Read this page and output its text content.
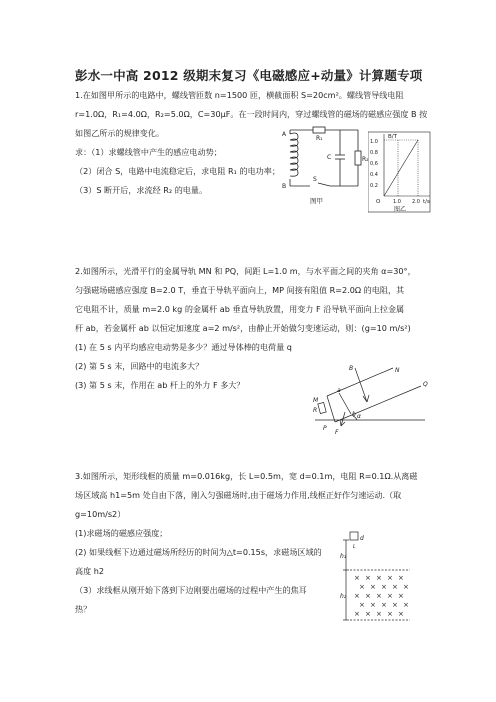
彭水一中高 2012 级期末复习《电磁感应+动量》计算题专项
1.在如图甲所示的电路中，螺线管匝数 n=1500 匝，横截面积 S=20cm²。螺线管导线电阻
r=1.0Ω，R₁=4.0Ω，R₂=5.0Ω，C=30μF。在一段时间内，穿过螺线管的磁场的磁感应强度 B 按
如图乙所示的规律变化。
求：（1）求螺线管中产生的感应电动势；
（2）闭合 S，电路中电流稳定后，求电阻 R₁ 的电功率；
（3）S 断开后，求流经 R₂ 的电量。
R₁
C	R₂
S
A
B
图甲
B/T
1.0
0.8
0.6
0.4
0.2
O	1.0 2.0 t/s
图乙
2.如图所示，光滑平行的金属导轨 MN 和 PQ，间距 L=1.0 m，与水平面之间的夹角 α=30°，
匀强磁场磁感应强度 B=2.0 T，垂直于导轨平面向上，MP 间接有阻值 R=2.0Ω 的电阻，其
它电阻不计，质量 m=2.0 kg 的金属杆 ab 垂直导轨放置，用变力 F 沿导轨平面向上拉金属
杆 ab，若金属杆 ab 以恒定加速度 a=2 m/s²，由静止开始做匀变速运动，则：(g=10 m/s²)
(1) 在 5 s 内平均感应电动势是多少？通过导体棒的电荷量 q
(2) 第 5 s 末，回路中的电流多大？
(3) 第 5 s 末，作用在 ab 杆上的外力 F 多大？
B	N
Q
M
P
a
b
R
α
F
3.如图所示，矩形线框的质量 m=0.016kg，长 L=0.5m，宽 d=0.1m，电阻 R=0.1Ω.从离磁
场区域高 h1=5m 处自由下落，刚入匀强磁场时,由于磁场力作用,线框正好作匀速运动.（取
g=10m/s2）
(1)求磁场的磁感应强度；
(2) 如果线框下边通过磁场所经历的时间为△t=0.15s，求磁场区域的
高度 h2
（3）求线框从刚开始下落到下边刚要出磁场的过程中产生的焦耳
热？
d
L
h₁
h₂
× × × × ×
× × × × ×
× × × × ×
× × × × ×
× × × × ×
